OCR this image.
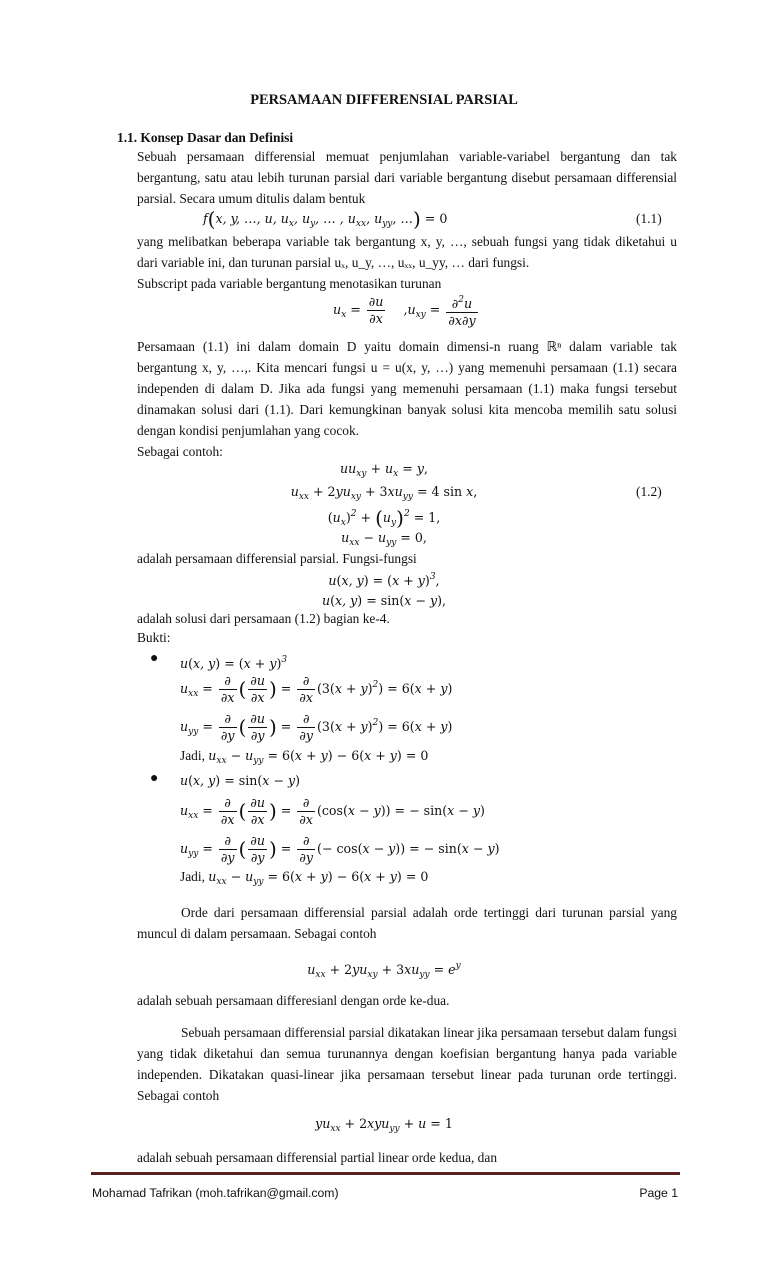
PERSAMAAN DIFFERENSIAL PARSIAL
1.1. Konsep Dasar dan Definisi
Sebuah persamaan differensial memuat penjumlahan variable-variabel bergantung dan tak bergantung, satu atau lebih turunan parsial dari variable bergantung disebut persamaan differensial parsial. Secara umum ditulis dalam bentuk
f(x, y, …, u, $u_x$, $u_y$, … , $u_{xx}$, $u_{yy}$, …) = 0	(1.1)
yang melibatkan beberapa variable tak bergantung x, y, …, sebuah fungsi yang tidak diketahui u dari variable ini, dan turunan parsial uₓ, u_y, …, uₓₓ, u_yy, … dari fungsi.
Subscript pada variable bergantung menotasikan turunan
$u_x = \frac{\partial u}{\partial x} ,u_{xy} = \frac{\partial^2u}{\partial x\partial y}$
Persamaan (1.1) ini dalam domain D yaitu domain dimensi-n ruang ℝⁿ dalam variable tak bergantung x, y, …,. Kita mencari fungsi u = u(x, y, …) yang memenuhi persamaan (1.1) secara independen di dalam D. Jika ada fungsi yang memenuhi persamaan (1.1) maka fungsi tersebut dinamakan solusi dari (1.1). Dari kemungkinan banyak solusi kita mencoba memilih satu solusi dengan kondisi penjumlahan yang cocok.
Sebagai contoh:
$uu_{xy} + u_x = y$,
$u_{xx} + 2yu_{xy} + 3xu_{yy} = 4$ sin x,	(1.2)
$(u_x)^2 + (u_y)^2 = 1$,
$u_{xx} - u_{yy} = 0$,
adalah persamaan differensial parsial. Fungsi-fungsi
u(x, $y) = (x + y)^3$,
u(x, y) = sin(x − y),
adalah solusi dari persamaan (1.2) bagian ke-4.
Bukti:
● u(x, $y) = (x + y)^3$
$u_{xx} = \frac{\partial}{\partial x}$ ( $\frac{\partial u}{\partial x}$ ) = $\frac{\partial}{\partial x} (3(x + y)^2) = 6(x + y)$
$u_{yy} = \frac{\partial}{\partial y}$ ( $\frac{\partial u}{\partial y}$ ) = $\frac{\partial}{\partial y} (3(x + y)^2) = 6(x + y)$
Jadi, $u_{xx} - u_{yy} = 6(x + y) - 6(x + y) = 0$
● u(x, y) = sin(x − y)
$u_{xx} = \frac{\partial}{\partial x}$ ( $\frac{\partial u}{\partial x}$ ) = $\frac{\partial}{\partial x} (\cos(x - y))$ = − sin(x − y)
$u_{yy} = \frac{\partial}{\partial y}$ ( $\frac{\partial u}{\partial y}$ ) = $\frac{\partial}{\partial y}$ (− cos(x − y)) = − sin(x − y)
Jadi, $u_{xx} - u_{yy} = 6(x + y) - 6(x + y) = 0$
Orde dari persamaan differensial parsial adalah orde tertinggi dari turunan parsial yang muncul di dalam persamaan. Sebagai contoh
$u_{xx} + 2yu_{xy} + 3xu_{yy} = e^y$
adalah sebuah persamaan differesianl dengan orde ke-dua.
Sebuah persamaan differensial parsial dikatakan linear jika persamaan tersebut dalam fungsi yang tidak diketahui dan semua turunannya dengan koefisian bergantung hanya pada variable independen. Dikatakan quasi-linear jika persamaan tersebut linear pada turunan orde tertinggi. Sebagai contoh
$yu_{xx} + 2xyu_{yy} + u = 1$
adalah sebuah persamaan differensial partial linear orde kedua, dan
Mohamad Tafrikan (moh.tafrikan@gmail.com)	Page 1
